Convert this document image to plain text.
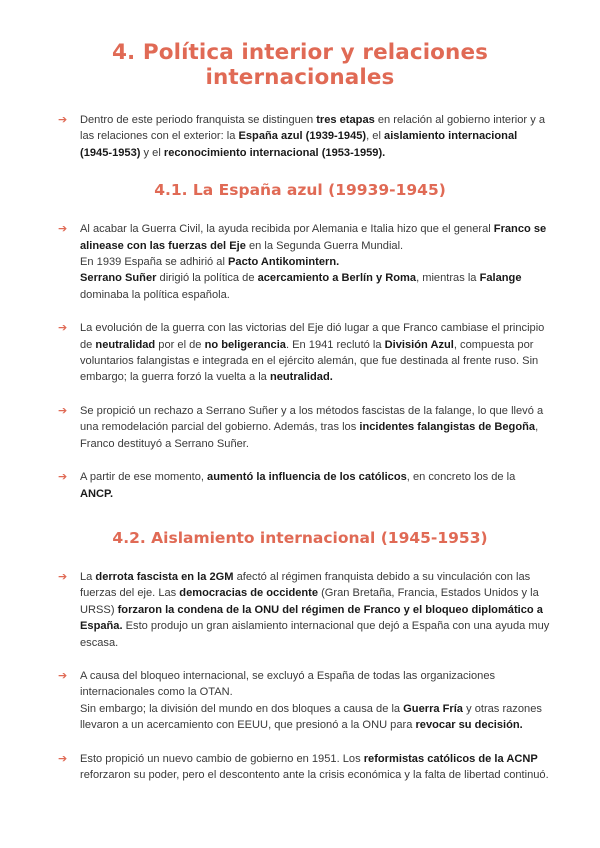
4. Política interior y relaciones internacionales
➔ Dentro de este periodo franquista se distinguen tres etapas en relación al gobierno interior y a las relaciones con el exterior: la España azul (1939-1945), el aislamiento internacional (1945-1953) y el reconocimiento internacional (1953-1959).

4.1. La España azul (19939-1945)
➔ Al acabar la Guerra Civil, la ayuda recibida por Alemania e Italia hizo que el general Franco se alinease con las fuerzas del Eje en la Segunda Guerra Mundial.

En 1939 España se adhirió al Pacto Antikomintern.

Serrano Suñer dirigió la política de acercamiento a Berlín y Roma, mientras la Falange dominaba la política española.

➔ La evolución de la guerra con las victorias del Eje dió lugar a que Franco cambiase el principio de neutralidad por el de no beligerancia. En 1941 reclutó la División Azul, compuesta por voluntarios falangistas e integrada en el ejército alemán, que fue destinada al frente ruso. Sin embargo; la guerra forzó la vuelta a la neutralidad.

➔ Se propició un rechazo a Serrano Suñer y a los métodos fascistas de la falange, lo que llevó a una remodelación parcial del gobierno. Además, tras los incidentes falangistas de Begoña, Franco destituyó a Serrano Suñer.

➔ A partir de ese momento, aumentó la influencia de los católicos, en concreto los de la ANCP.

4.2. Aislamiento internacional (1945-1953)
➔ La derrota fascista en la 2GM afectó al régimen franquista debido a su vinculación con las fuerzas del eje. Las democracias de occidente (Gran Bretaña, Francia, Estados Unidos y la URSS) forzaron la condena de la ONU del régimen de Franco y el bloqueo diplomático a España. Esto produjo un gran aislamiento internacional que dejó a España con una ayuda muy escasa.

➔ A causa del bloqueo internacional, se excluyó a España de todas las organizaciones internacionales como la OTAN.

Sin embargo; la división del mundo en dos bloques a causa de la Guerra Fría y otras razones llevaron a un acercamiento con EEUU, que presionó a la ONU para revocar su decisión.

➔ Esto propició un nuevo cambio de gobierno en 1951. Los reformistas católicos de la ACNP reforzaron su poder, pero el descontento ante la crisis económica y la falta de libertad continuó.
